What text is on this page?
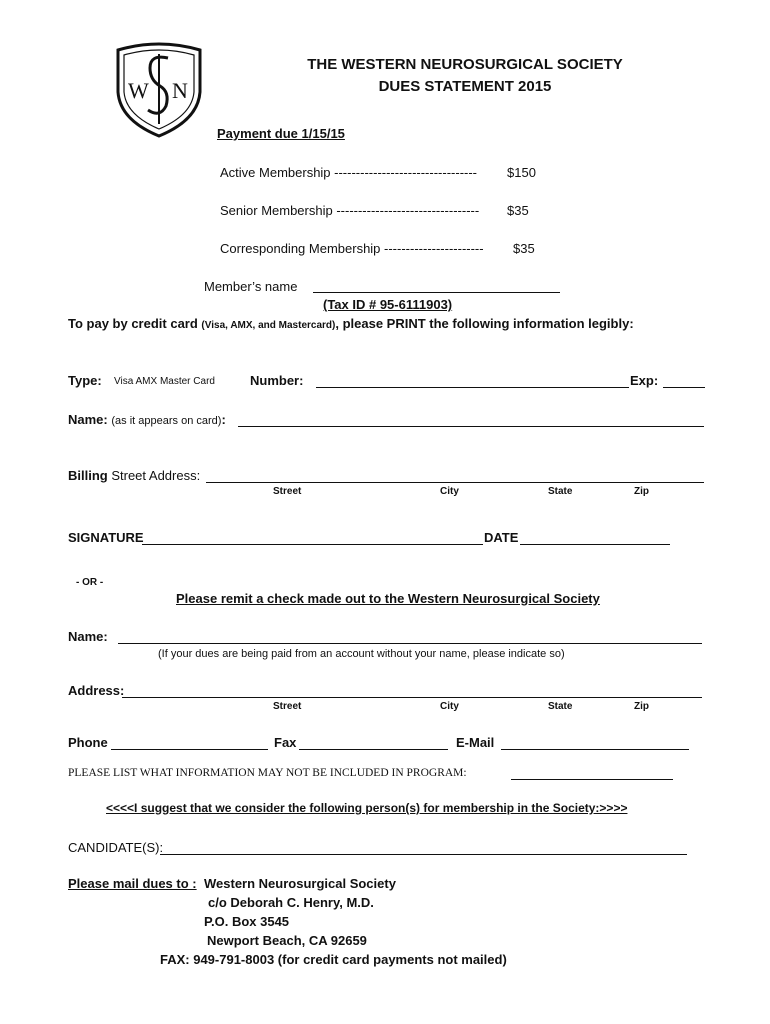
W N
THE WESTERN NEUROSURGICAL SOCIETY
DUES STATEMENT 2015
Payment due 1/15/15
Active Membership --------------------------------- $150
Senior Membership --------------------------------- $35
Corresponding Membership ----------------------- $35
Member’s name
(Tax ID # 95-6111903)
To pay by credit card (Visa, AMX, and Mastercard), please PRINT the following information legibly:
Type: Visa AMX Master Card	Number:	Exp:
Name: (as it appears on card):
Billing Street Address:
Street	City	State	Zip
SIGNATURE	DATE
- OR -
Please remit a check made out to the Western Neurosurgical Society
Name:
(If your dues are being paid from an account without your name, please indicate so)
Address:
Street	City	State	Zip
Phone	Fax	E-Mail
PLEASE LIST WHAT INFORMATION MAY NOT BE INCLUDED IN PROGRAM:
<<<<I suggest that we consider the following person(s) for membership in the Society:>>>>
CANDIDATE(S):
Please mail dues to : Western Neurosurgical Society
c/o Deborah C. Henry, M.D.
P.O. Box 3545
Newport Beach, CA 92659
FAX: 949-791-8003 (for credit card payments not mailed)
